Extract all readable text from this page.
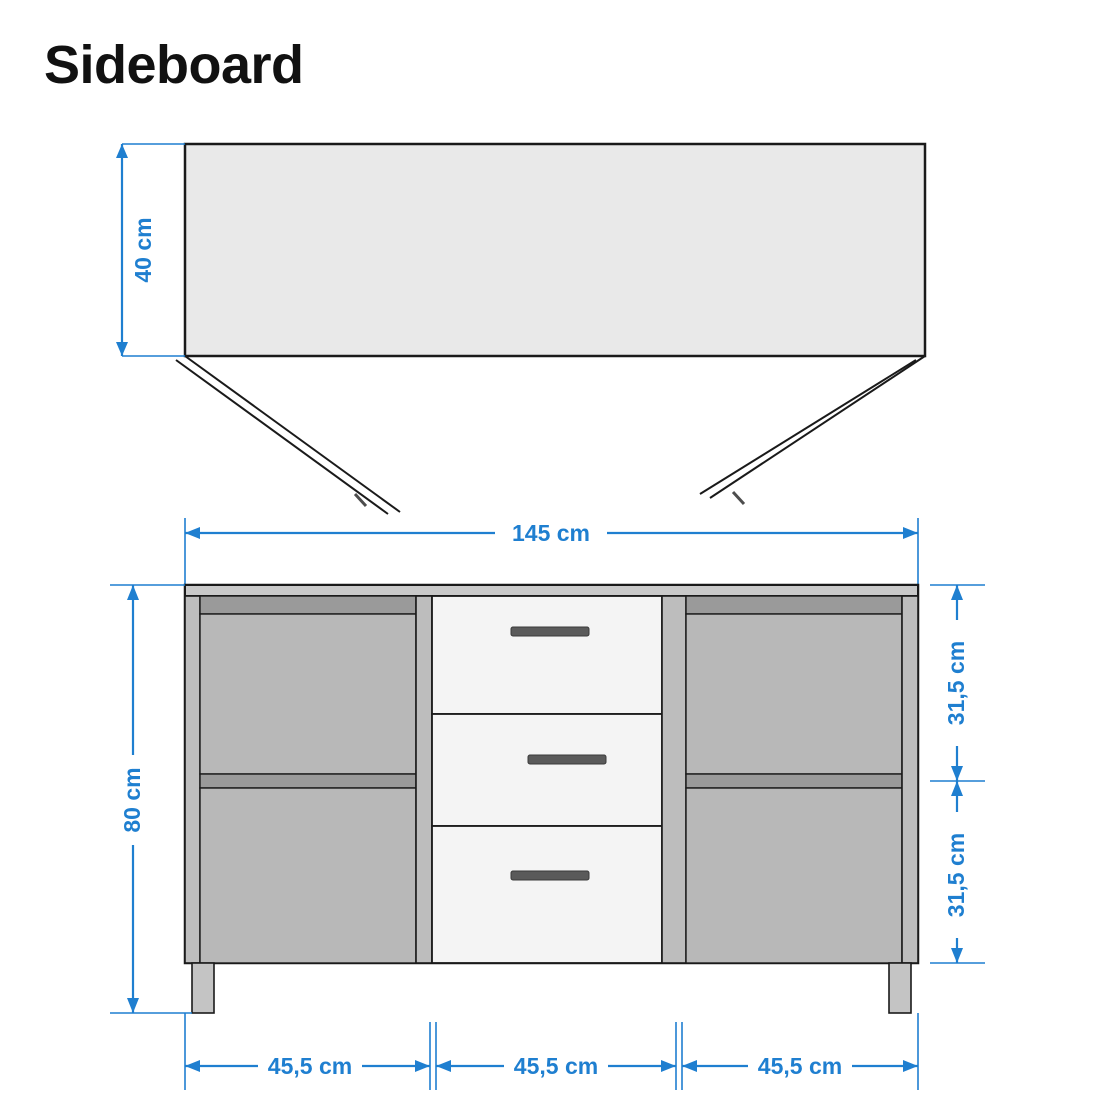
Sideboard
40 cm
145 cm
80 cm
31,5 cm
31,5 cm
45,5 cm	45,5 cm	45,5 cm
